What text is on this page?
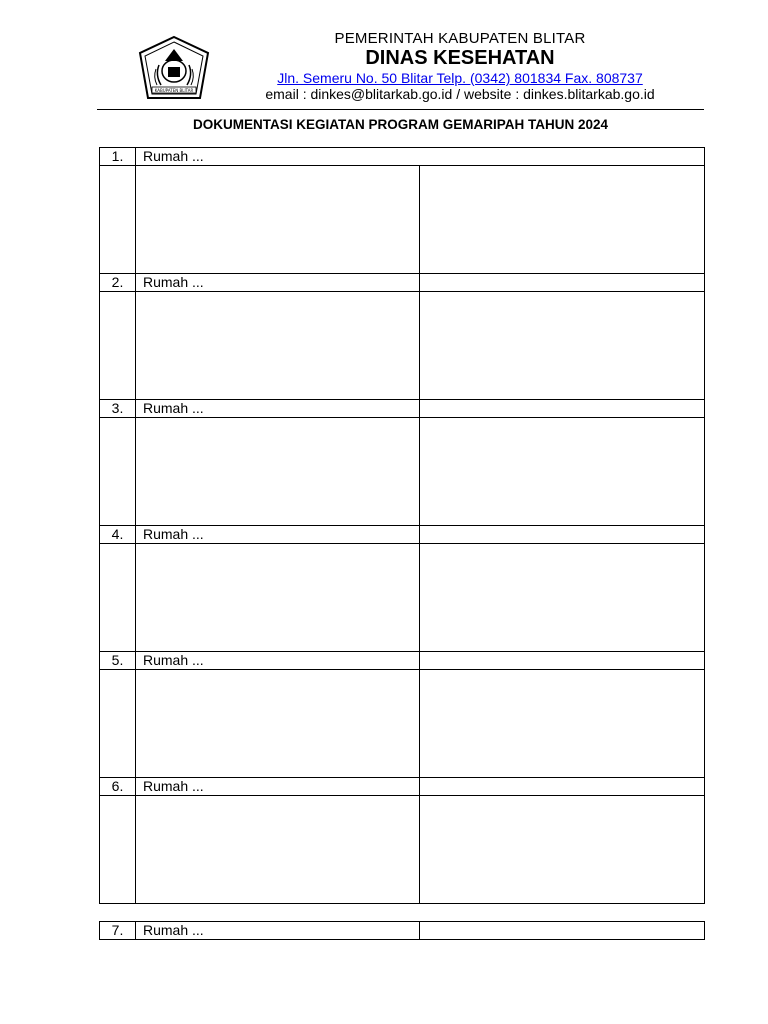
KABUPATEN BLITAR
PEMERINTAH KABUPATEN BLITAR
DINAS KESEHATAN
Jln. Semeru No. 50 Blitar Telp. (0342) 801834 Fax. 808737
email : dinkes@blitarkab.go.id / website : dinkes.blitarkab.go.id
DOKUMENTASI KEGIATAN PROGRAM GEMARIPAH TAHUN 2024
1.	Rumah ...	

2.	Rumah ...	

3.	Rumah ...	

4.	Rumah ...	

5.	Rumah ...	

6.	Rumah ...	

7.	Rumah ...	
